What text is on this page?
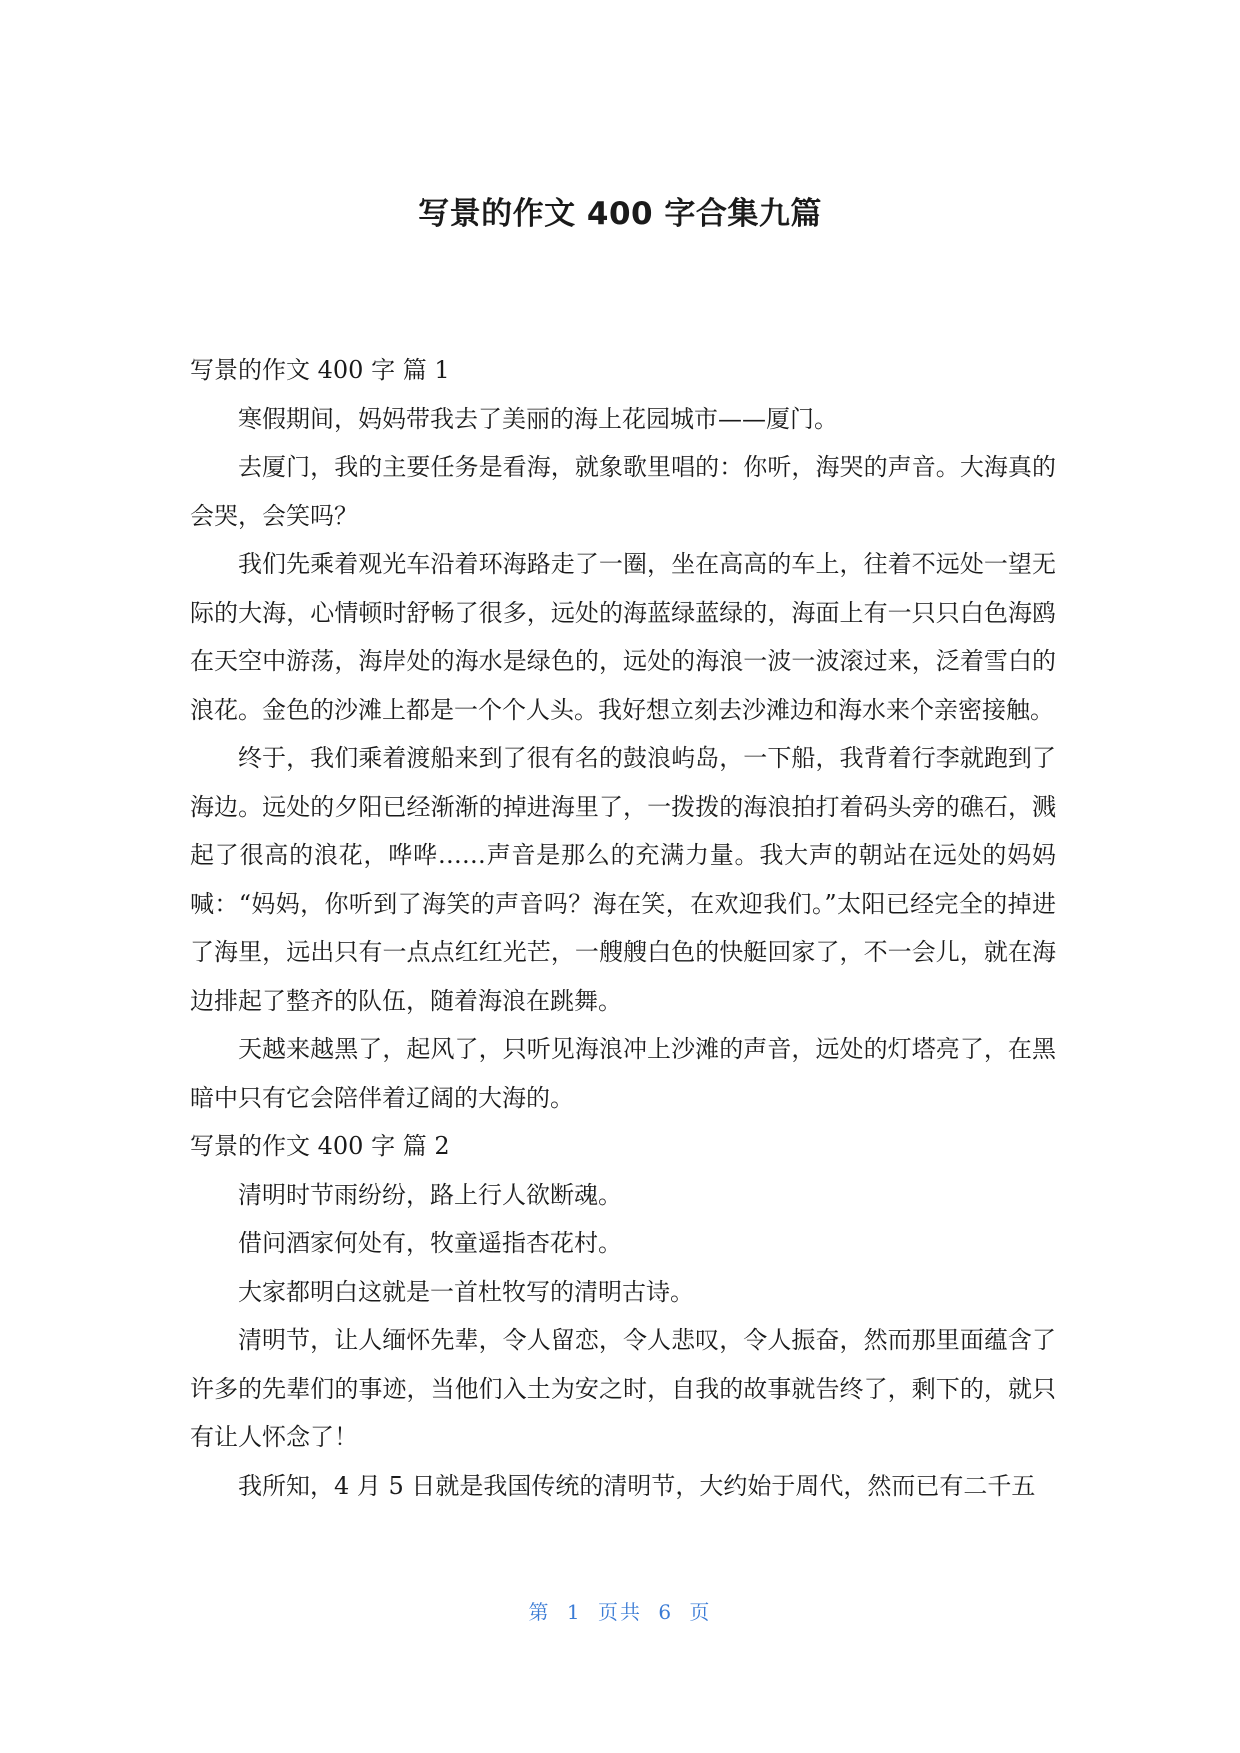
写景的作文 400 字合集九篇

写景的作文 400 字 篇 1

寒假期间，妈妈带我去了美丽的海上花园城市——厦门。

去厦门，我的主要任务是看海，就象歌里唱的：你听，海哭的声音。大海真的会哭，会笑吗？

我们先乘着观光车沿着环海路走了一圈，坐在高高的车上，往着不远处一望无际的大海，心情顿时舒畅了很多，远处的海蓝绿蓝绿的，海面上有一只只白色海鸥在天空中游荡，海岸处的海水是绿色的，远处的海浪一波一波滚过来，泛着雪白的浪花。金色的沙滩上都是一个个人头。我好想立刻去沙滩边和海水来个亲密接触。

终于，我们乘着渡船来到了很有名的鼓浪屿岛，一下船，我背着行李就跑到了海边。远处的夕阳已经渐渐的掉进海里了，一拨拨的海浪拍打着码头旁的礁石，溅起了很高的浪花，哗哗……声音是那么的充满力量。我大声的朝站在远处的妈妈喊：“妈妈，你听到了海笑的声音吗？海在笑，在欢迎我们。”太阳已经完全的掉进了海里，远出只有一点点红红光芒，一艘艘白色的快艇回家了，不一会儿，就在海边排起了整齐的队伍，随着海浪在跳舞。

天越来越黑了，起风了，只听见海浪冲上沙滩的声音，远处的灯塔亮了，在黑暗中只有它会陪伴着辽阔的大海的。

写景的作文 400 字 篇 2

清明时节雨纷纷，路上行人欲断魂。

借问酒家何处有，牧童遥指杏花村。

大家都明白这就是一首杜牧写的清明古诗。

清明节，让人缅怀先辈，令人留恋，令人悲叹，令人振奋，然而那里面蕴含了许多的先辈们的事迹，当他们入土为安之时，自我的故事就告终了，剩下的，就只有让人怀念了！

我所知，4 月 5 日就是我国传统的清明节，大约始于周代，然而已有二千五

第 1 页共 6 页
